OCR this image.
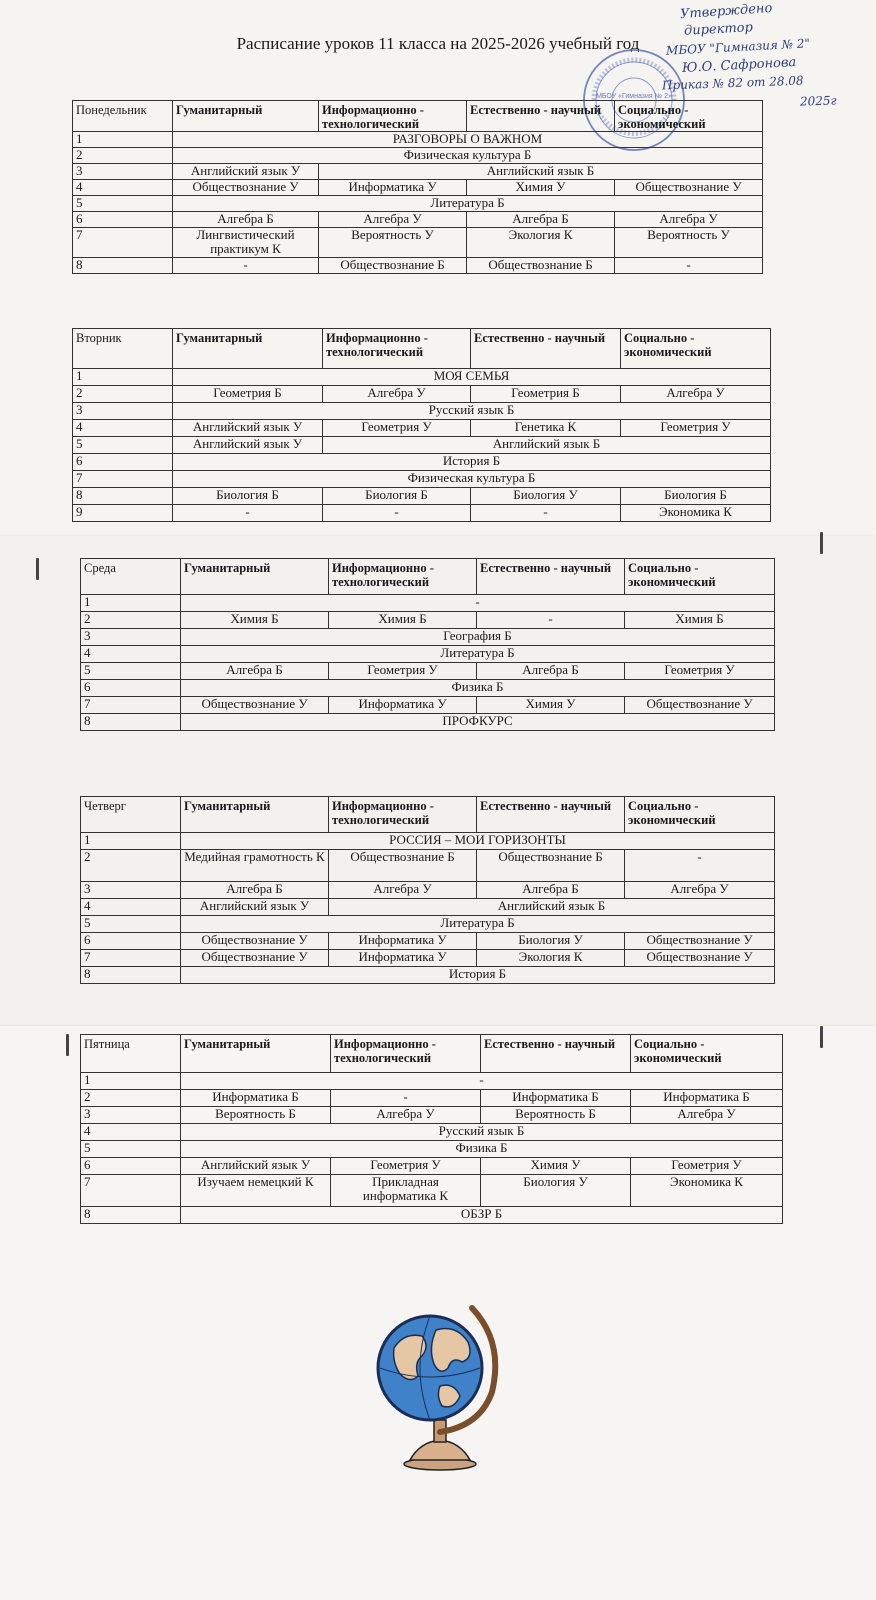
Расписание уроков 11 класса на 2025-2026 учебный год
МБОУ «Гимназия № 2»
Утверждено
директор
МБОУ "Гимназия № 2"
Ю.О. Сафронова
Приказ № 82 от 28.08
2025г
Понедельник	Гуманитарный	Информационно - технологический	Естественно - научный	Социально - экономический
1	РАЗГОВОРЫ О ВАЖНОМ			
2	Физическая культура Б			
3	Английский язык У	Английский язык Б		
4	Обществознание У	Информатика У	Химия У	Обществознание У
5	Литература Б			
6	Алгебра Б	Алгебра У	Алгебра Б	Алгебра У
7	Лингвистический практикум К	Вероятность У	Экология К	Вероятность У
8	-	Обществознание Б	Обществознание Б	-
Вторник	Гуманитарный	Информационно - технологический	Естественно - научный	Социально - экономический
1	МОЯ СЕМЬЯ			
2	Геометрия Б	Алгебра У	Геометрия Б	Алгебра У
3	Русский язык Б			
4	Английский язык У	Геометрия У	Генетика К	Геометрия У
5	Английский язык У	Английский язык Б		
6	История Б			
7	Физическая культура Б			
8	Биология Б	Биология Б	Биология У	Биология Б
9	-	-	-	Экономика К
Среда	Гуманитарный	Информационно - технологический	Естественно - научный	Социально - экономический
1	-			
2	Химия Б	Химия Б	-	Химия Б
3	География Б			
4	Литература Б			
5	Алгебра Б	Геометрия У	Алгебра Б	Геометрия У
6	Физика Б			
7	Обществознание У	Информатика У	Химия У	Обществознание У
8	ПРОФКУРС			
Четверг	Гуманитарный	Информационно - технологический	Естественно - научный	Социально - экономический
1	РОССИЯ – МОИ ГОРИЗОНТЫ			
2	Медийная грамотность К	Обществознание Б	Обществознание Б	-
3	Алгебра Б	Алгебра У	Алгебра Б	Алгебра У
4	Английский язык У	Английский язык Б		
5	Литература Б			
6	Обществознание У	Информатика У	Биология У	Обществознание У
7	Обществознание У	Информатика У	Экология К	Обществознание У
8	История Б			
Пятница	Гуманитарный	Информационно - технологический	Естественно - научный	Социально - экономический
1	-			
2	Информатика Б	-	Информатика Б	Информатика Б
3	Вероятность Б	Алгебра У	Вероятность Б	Алгебра У
4	Русский язык Б			
5	Физика Б			
6	Английский язык У	Геометрия У	Химия У	Геометрия У
7	Изучаем немецкий К	Прикладная информатика К	Биология У	Экономика К
8	ОБЗР Б			
